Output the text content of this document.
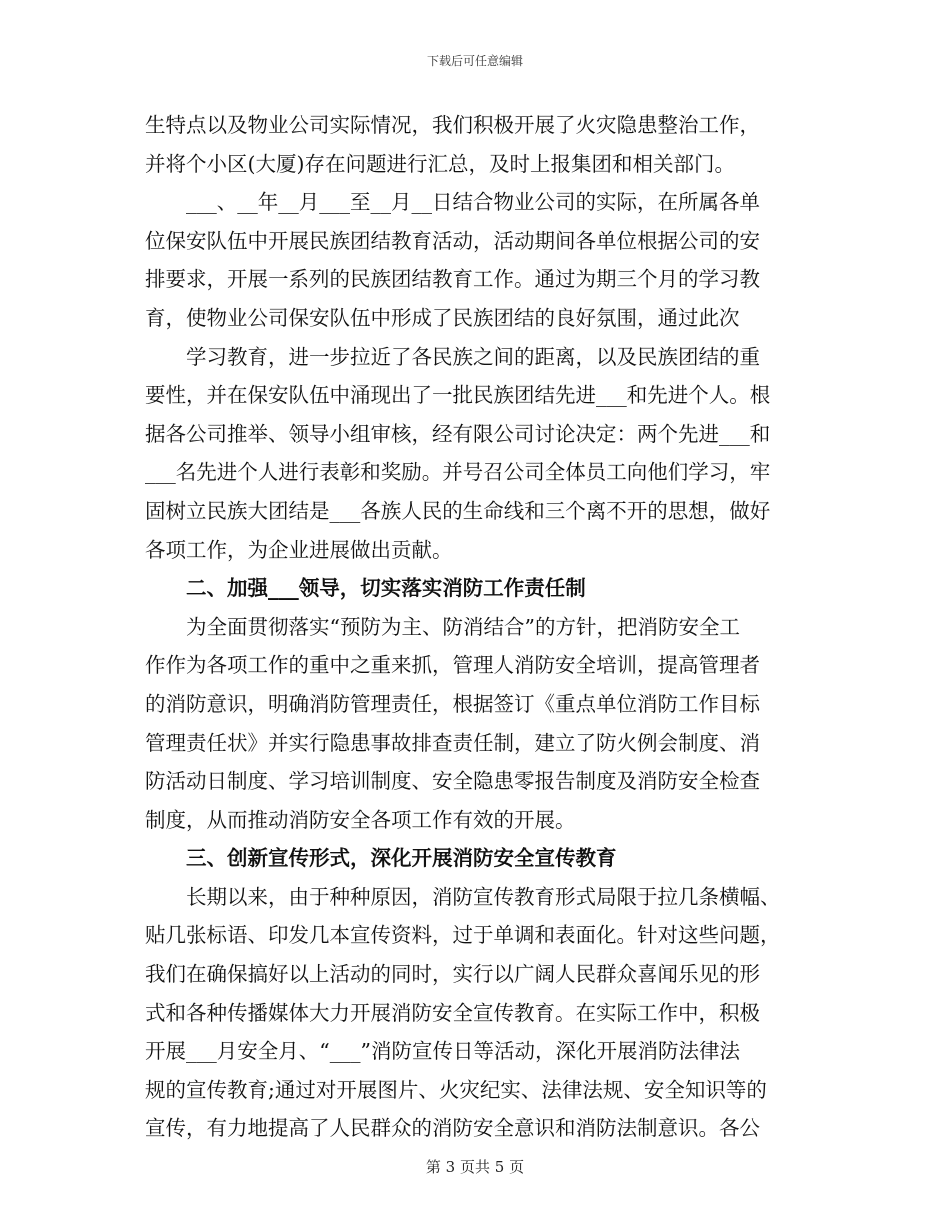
下载后可任意编辑
生特点以及物业公司实际情况，我们积极开展了火灾隐患整治工作，
并将个小区(大厦)存在问题进行汇总，及时上报集团和相关部门。
___、__年__月___至__月__日结合物业公司的实际，在所属各单
位保安队伍中开展民族团结教育活动，活动期间各单位根据公司的安
排要求，开展一系列的民族团结教育工作。通过为期三个月的学习教
育，使物业公司保安队伍中形成了民族团结的良好氛围，通过此次
学习教育，进一步拉近了各民族之间的距离，以及民族团结的重
要性，并在保安队伍中涌现出了一批民族团结先进___和先进个人。根
据各公司推举、领导小组审核，经有限公司讨论决定：两个先进___和
___名先进个人进行表彰和奖励。并号召公司全体员工向他们学习，牢
固树立民族大团结是___各族人民的生命线和三个离不开的思想，做好
各项工作，为企业进展做出贡献。
二、加强___领导，切实落实消防工作责任制
为全面贯彻落实“预防为主、防消结合”的方针，把消防安全工
作作为各项工作的重中之重来抓，管理人消防安全培训，提高管理者
的消防意识，明确消防管理责任，根据签订《重点单位消防工作目标
管理责任状》并实行隐患事故排查责任制，建立了防火例会制度、消
防活动日制度、学习培训制度、安全隐患零报告制度及消防安全检查
制度，从而推动消防安全各项工作有效的开展。
三、创新宣传形式，深化开展消防安全宣传教育
长期以来，由于种种原因，消防宣传教育形式局限于拉几条横幅、
贴几张标语、印发几本宣传资料，过于单调和表面化。针对这些问题，
我们在确保搞好以上活动的同时，实行以广阔人民群众喜闻乐见的形
式和各种传播媒体大力开展消防安全宣传教育。在实际工作中，积极
开展___月安全月、“___”消防宣传日等活动，深化开展消防法律法
规的宣传教育;通过对开展图片、火灾纪实、法律法规、安全知识等的
宣传，有力地提高了人民群众的消防安全意识和消防法制意识。各公
第 3 页共 5 页
